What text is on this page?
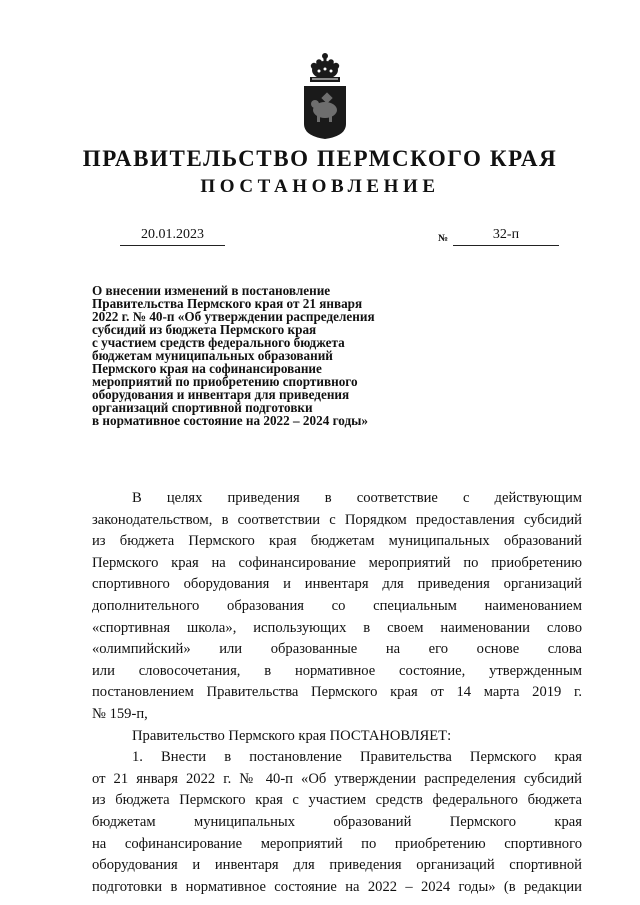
ПРАВИТЕЛЬСТВО ПЕРМСКОГО КРАЯ
ПОСТАНОВЛЕНИЕ
20.01.2023	№	32-п
О внесении изменений в постановление
Правительства Пермского края от 21 января
2022 г. № 40-п «Об утверждении распределения
субсидий из бюджета Пермского края
с участием средств федерального бюджета
бюджетам муниципальных образований
Пермского края на софинансирование
мероприятий по приобретению спортивного
оборудования и инвентаря для приведения
организаций спортивной подготовки
в нормативное состояние на 2022 – 2024 годы»
В целях приведения в соответствие с действующим
законодательством, в соответствии с Порядком предоставления субсидий
из бюджета Пермского края бюджетам муниципальных образований
Пермского края на софинансирование мероприятий по приобретению
спортивного оборудования и инвентаря для приведения организаций
дополнительного образования со специальным наименованием
«спортивная школа», использующих в своем наименовании слово
«олимпийский» или образованные на его основе слова
или словосочетания, в нормативное состояние, утвержденным
постановлением Правительства Пермского края от 14 марта 2019 г.
№ 159-п,
Правительство Пермского края ПОСТАНОВЛЯЕТ:
1. Внести в постановление Правительства Пермского края
от 21 января 2022 г. № 40-п «Об утверждении распределения субсидий
из бюджета Пермского края с участием средств федерального бюджета
бюджетам муниципальных образований Пермского края
на софинансирование мероприятий по приобретению спортивного
оборудования и инвентаря для приведения организаций спортивной
подготовки в нормативное состояние на 2022 – 2024 годы» (в редакции
